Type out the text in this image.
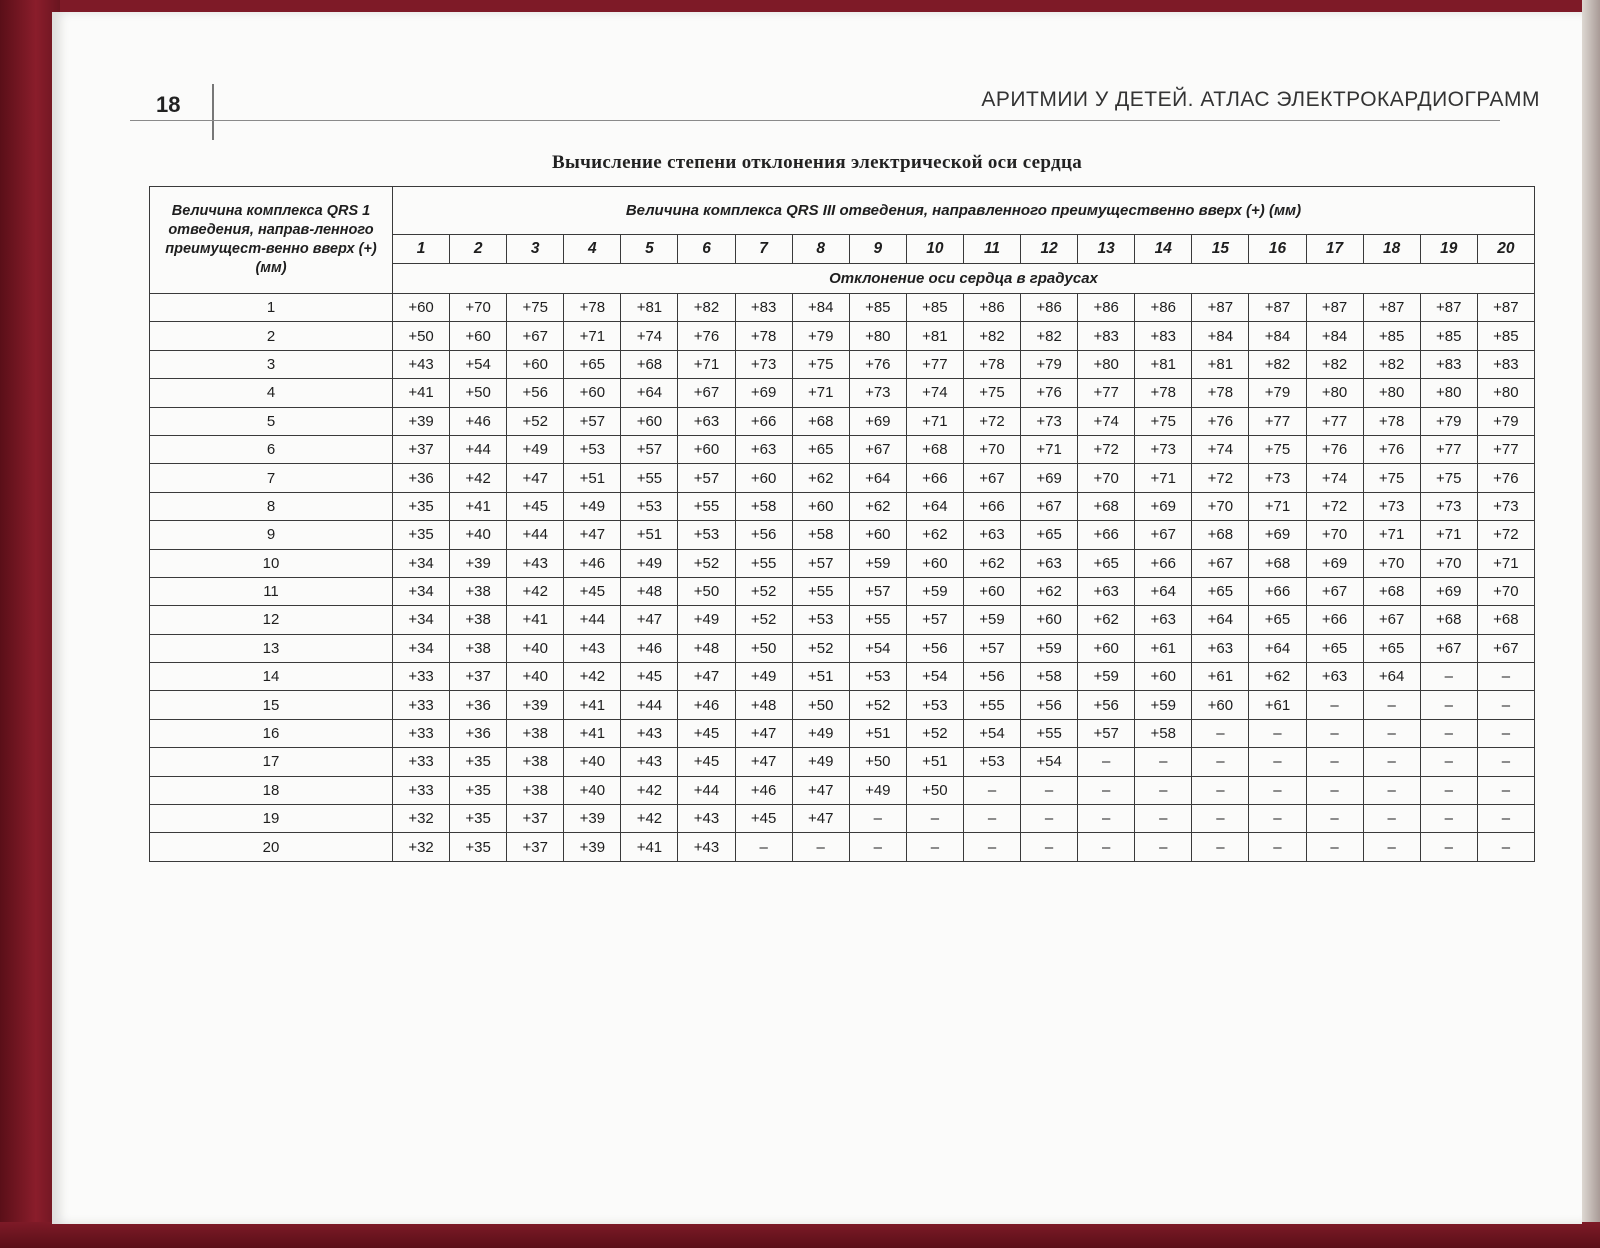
18	АРИТМИИ У ДЕТЕЙ. АТЛАС ЭЛЕКТРОКАРДИОГРАММ
Вычисление степени отклонения электрической оси сердца
Величина комплекса QRS 1 отведения, направ-ленного преимущест-венно вверх (+) (мм)	Величина комплекса QRS III отведения, направленного преимущественно вверх (+) (мм)																			
	1	2	3	4	5	6	7	8	9	10	11	12	13	14	15	16	17	18	19	20
	Отклонение оси сердца в градусах																			
1	+60	+70	+75	+78	+81	+82	+83	+84	+85	+85	+86	+86	+86	+86	+87	+87	+87	+87	+87	+87
2	+50	+60	+67	+71	+74	+76	+78	+79	+80	+81	+82	+82	+83	+83	+84	+84	+84	+85	+85	+85
3	+43	+54	+60	+65	+68	+71	+73	+75	+76	+77	+78	+79	+80	+81	+81	+82	+82	+82	+83	+83
4	+41	+50	+56	+60	+64	+67	+69	+71	+73	+74	+75	+76	+77	+78	+78	+79	+80	+80	+80	+80
5	+39	+46	+52	+57	+60	+63	+66	+68	+69	+71	+72	+73	+74	+75	+76	+77	+77	+78	+79	+79
6	+37	+44	+49	+53	+57	+60	+63	+65	+67	+68	+70	+71	+72	+73	+74	+75	+76	+76	+77	+77
7	+36	+42	+47	+51	+55	+57	+60	+62	+64	+66	+67	+69	+70	+71	+72	+73	+74	+75	+75	+76
8	+35	+41	+45	+49	+53	+55	+58	+60	+62	+64	+66	+67	+68	+69	+70	+71	+72	+73	+73	+73
9	+35	+40	+44	+47	+51	+53	+56	+58	+60	+62	+63	+65	+66	+67	+68	+69	+70	+71	+71	+72
10	+34	+39	+43	+46	+49	+52	+55	+57	+59	+60	+62	+63	+65	+66	+67	+68	+69	+70	+70	+71
11	+34	+38	+42	+45	+48	+50	+52	+55	+57	+59	+60	+62	+63	+64	+65	+66	+67	+68	+69	+70
12	+34	+38	+41	+44	+47	+49	+52	+53	+55	+57	+59	+60	+62	+63	+64	+65	+66	+67	+68	+68
13	+34	+38	+40	+43	+46	+48	+50	+52	+54	+56	+57	+59	+60	+61	+63	+64	+65	+65	+67	+67
14	+33	+37	+40	+42	+45	+47	+49	+51	+53	+54	+56	+58	+59	+60	+61	+62	+63	+64	–	–
15	+33	+36	+39	+41	+44	+46	+48	+50	+52	+53	+55	+56	+56	+59	+60	+61	–	–	–	–
16	+33	+36	+38	+41	+43	+45	+47	+49	+51	+52	+54	+55	+57	+58	–	–	–	–	–	–
17	+33	+35	+38	+40	+43	+45	+47	+49	+50	+51	+53	+54	–	–	–	–	–	–	–	–
18	+33	+35	+38	+40	+42	+44	+46	+47	+49	+50	–	–	–	–	–	–	–	–	–	–
19	+32	+35	+37	+39	+42	+43	+45	+47	–	–	–	–	–	–	–	–	–	–	–	–
20	+32	+35	+37	+39	+41	+43	–	–	–	–	–	–	–	–	–	–	–	–	–	–
